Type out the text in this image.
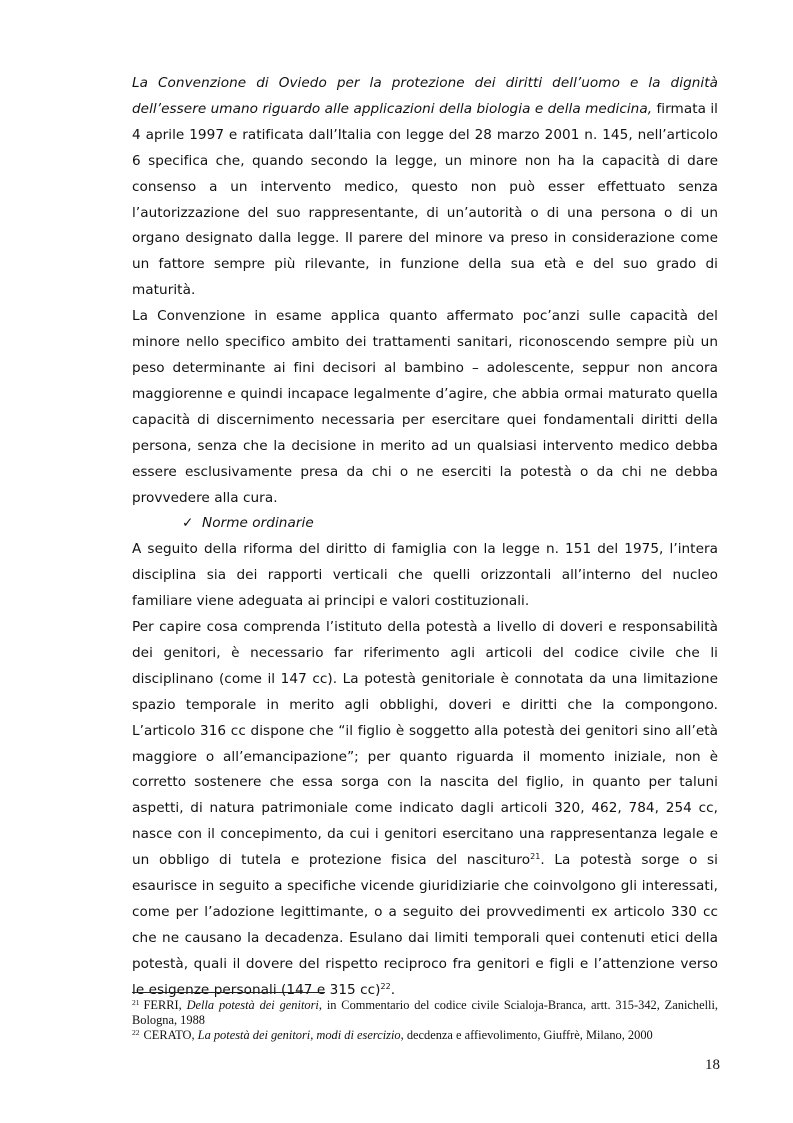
La Convenzione di Oviedo per la protezione dei diritti dell’uomo e la dignità dell’essere umano riguardo alle applicazioni della biologia e della medicina, firmata il 4 aprile 1997 e ratificata dall’Italia con legge del 28 marzo 2001 n. 145, nell’articolo 6 specifica che, quando secondo la legge, un minore non ha la capacità di dare consenso a un intervento medico, questo non può esser effettuato senza l’autorizzazione del suo rappresentante, di un’autorità o di una persona o di un organo designato dalla legge. Il parere del minore va preso in considerazione come un fattore sempre più rilevante, in funzione della sua età e del suo grado di maturità.

La Convenzione in esame applica quanto affermato poc’anzi sulle capacità del minore nello specifico ambito dei trattamenti sanitari, riconoscendo sempre più un peso determinante ai fini decisori al bambino – adolescente, seppur non ancora maggiorenne e quindi incapace legalmente d’agire, che abbia ormai maturato quella capacità di discernimento necessaria per esercitare quei fondamentali diritti della persona, senza che la decisione in merito ad un qualsiasi intervento medico debba essere esclusivamente presa da chi o ne eserciti la potestà o da chi ne debba provvedere alla cura.

✓ Norme ordinarie

A seguito della riforma del diritto di famiglia con la legge n. 151 del 1975, l’intera disciplina sia dei rapporti verticali che quelli orizzontali all’interno del nucleo familiare viene adeguata ai principi e valori costituzionali.

Per capire cosa comprenda l’istituto della potestà a livello di doveri e responsabilità dei genitori, è necessario far riferimento agli articoli del codice civile che li disciplinano (come il 147 cc). La potestà genitoriale è connotata da una limitazione spazio temporale in merito agli obblighi, doveri e diritti che la compongono. L’articolo 316 cc dispone che “il figlio è soggetto alla potestà dei genitori sino all’età maggiore o all’emancipazione”; per quanto riguarda il momento iniziale, non è corretto sostenere che essa sorga con la nascita del figlio, in quanto per taluni aspetti, di natura patrimoniale come indicato dagli articoli 320, 462, 784, 254 cc, nasce con il concepimento, da cui i genitori esercitano una rappresentanza legale e un obbligo di tutela e protezione fisica del nascituro$^{21}$. La potestà sorge o si esaurisce in seguito a specifiche vicende giuridiziarie che coinvolgono gli interessati, come per l’adozione legittimante, o a seguito dei provvedimenti ex articolo 330 cc che ne causano la decadenza. Esulano dai limiti temporali quei contenuti etici della potestà, quali il dovere del rispetto reciproco fra genitori e figli e l’attenzione verso le esigenze personali (147 e 315 cc)$^{22}$.

$^{21}$ FERRI, Della potestà dei genitori, in Commentario del codice civile Scialoja-Branca, artt. 315-342, Zanichelli, Bologna, 1988

$^{22}$ CERATO, La potestà dei genitori, modi di esercizio, decdenza e affievolimento, Giuffrè, Milano, 2000

18
